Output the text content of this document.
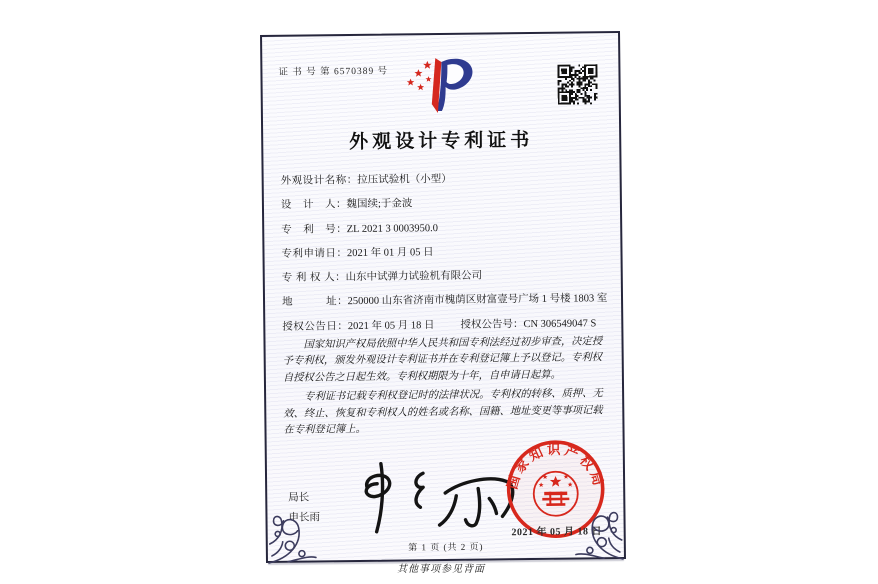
证 书 号 第 6570389 号
外观设计专利证书
外观设计名称：拉压试验机（小型）
设　计　人：魏国续;于金波
专　利　号：ZL 2021 3 0003950.0
专利申请日：2021 年 01 月 05 日
专 利 权 人：山东中试弹力试验机有限公司
地　　　址：250000 山东省济南市槐荫区财富壹号广场 1 号楼 1803 室
授权公告日：2021 年 05 月 18 日 授权公告号：CN 306549047 S

国家知识产权局依照中华人民共和国专利法经过初步审查，决定授予专利权，颁发外观设计专利证书并在专利登记簿上予以登记。专利权自授权公告之日起生效。专利权期限为十年，自申请日起算。

专利证书记载专利权登记时的法律状况。专利权的转移、质押、无效、终止、恢复和专利权人的姓名或名称、国籍、地址变更等事项记载在专利登记簿上。

局长
申长雨
国家知识产权局
2021 年 05 月 18 日
第 1 页 (共 2 页)
其他事项参见背面
